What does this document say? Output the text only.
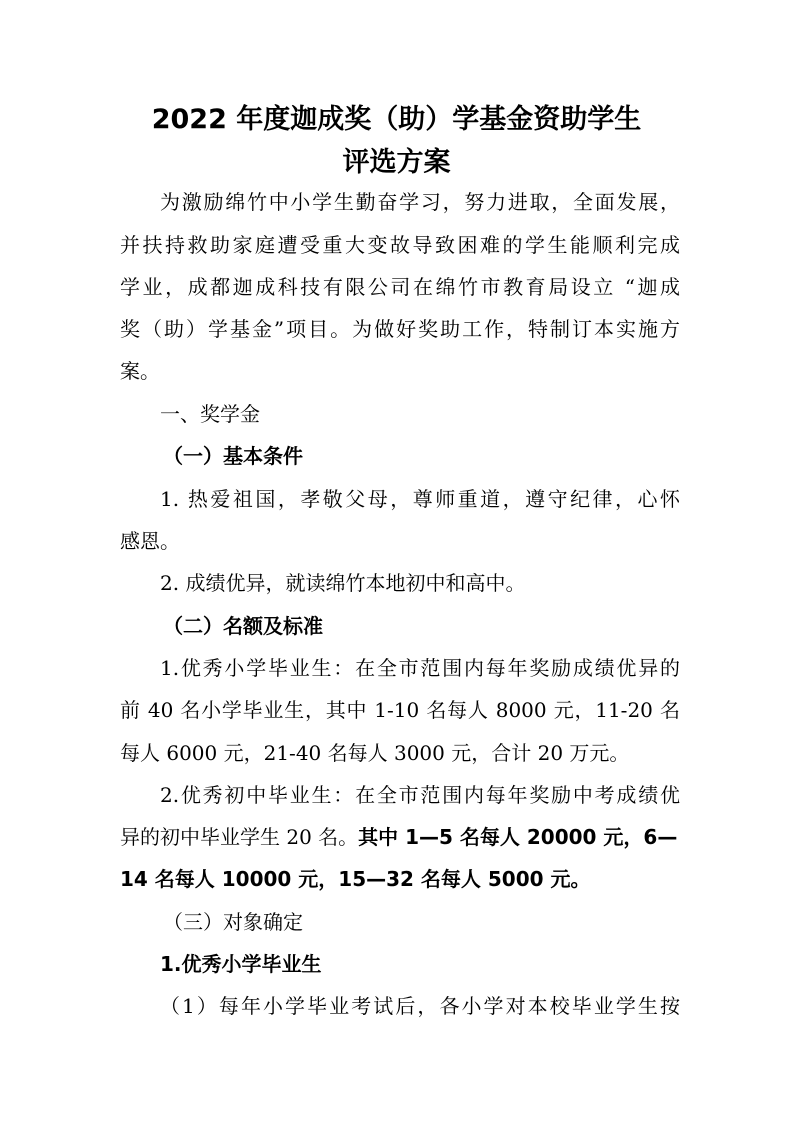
2022 年度迦成奖（助）学基金资助学生
评选方案
为激励绵竹中小学生勤奋学习，努力进取，全面发展，
并扶持救助家庭遭受重大变故导致困难的学生能顺利完成
学业，成都迦成科技有限公司在绵竹市教育局设立 “迦成
奖（助）学基金”项目。为做好奖助工作，特制订本实施方
案。
一、奖学金
（一）基本条件
1. 热爱祖国，孝敬父母，尊师重道，遵守纪律，心怀
感恩。
2. 成绩优异，就读绵竹本地初中和高中。
（二）名额及标准
1.优秀小学毕业生：在全市范围内每年奖励成绩优异的
前 40 名小学毕业生，其中 1-10 名每人 8000 元，11-20 名
每人 6000 元，21-40 名每人 3000 元，合计 20 万元。
2.优秀初中毕业生：在全市范围内每年奖励中考成绩优
异的初中毕业学生 20 名。其中 1—5 名每人 20000 元，6—
14 名每人 10000 元，15—32 名每人 5000 元。
（三）对象确定
1.优秀小学毕业生
（1）每年小学毕业考试后，各小学对本校毕业学生按
